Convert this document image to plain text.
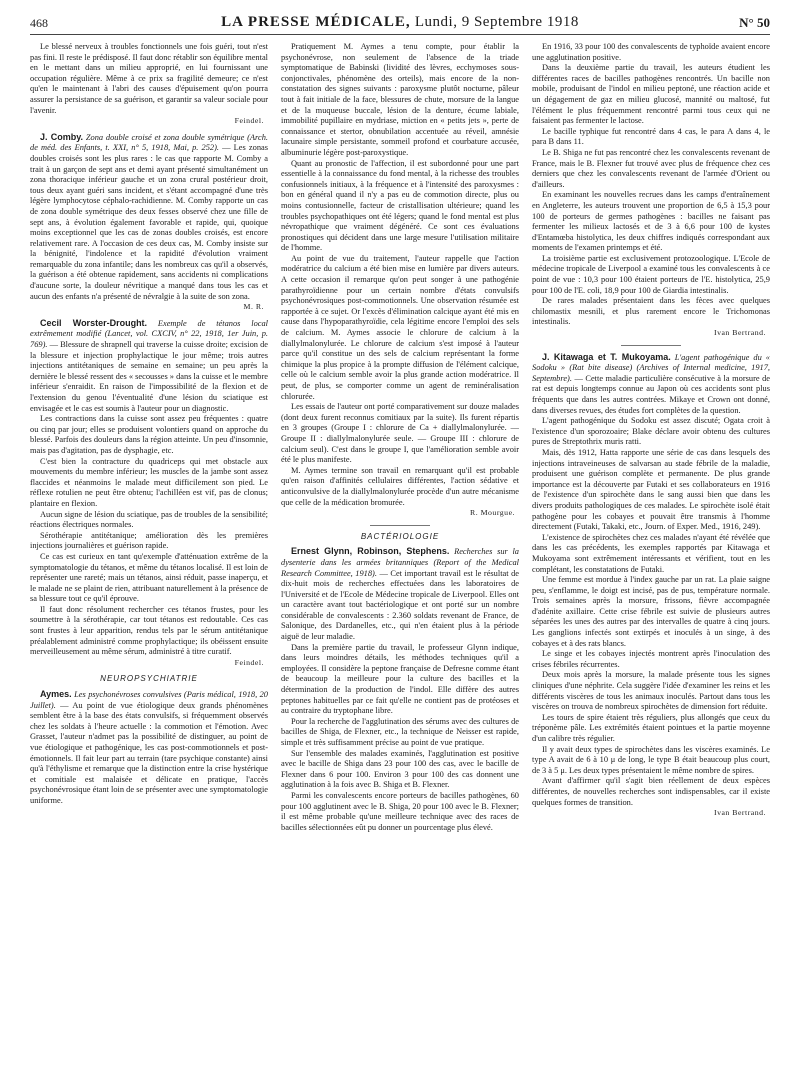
468	LA PRESSE MÉDICALE, Lundi, 9 Septembre 1918	N° 50

Le blessé nerveux à troubles fonctionnels une fois guéri, tout n'est pas fini. Il reste le prédisposé. Il faut donc rétablir son équilibre mental en le mettant dans un milieu approprié, en lui fournissant une occupation régulière. Même à ce prix sa fragilité demeure; ce n'est qu'en le maintenant à l'abri des causes d'épuisement qu'on pourra assurer la persistance de sa guérison, et garantir sa valeur sociale pour l'avenir.

Feindel.

J. Comby. Zona double croisé et zona double symétrique (Arch. de méd. des Enfants, t. XXI, n° 5, 1918, Mai, p. 252). — Les zonas doubles croisés sont les plus rares : le cas que rapporte M. Comby a trait à un garçon de sept ans et demi ayant présenté simultanément un zona thoracique inférieur gauche et un zona crural postérieur droit, tous deux ayant guéri sans incident, et s'étant accompagné d'une très légère lymphocytose céphalo-rachidienne. M. Comby rapporte un cas de zona double symétrique des deux fesses observé chez une fille de sept ans, à évolution également favorable et rapide, qui, quoique moins exceptionnel que les cas de zonas doubles croisés, est encore relativement rare. A l'occasion de ces deux cas, M. Comby insiste sur la bénignité, l'indolence et la rapidité d'évolution vraiment remarquable du zona infantile; dans les nombreux cas qu'il a observés, la guérison a été obtenue rapidement, sans accidents ni complications d'aucune sorte, la douleur névritique a manqué dans tous les cas et aucun des enfants n'a présenté de névralgie à la suite de son zona.

M. R.

Cecil Worster-Drought. Exemple de tétanos local extrêmement modifié (Lancet, vol. CXCIV, n° 22, 1918, 1er Juin, p. 769). — Blessure de shrapnell qui traverse la cuisse droite; excision de la blessure et injection prophylactique le jour même; trois autres injections antitétaniques de semaine en semaine; un peu après la dernière le blessé ressent des « secousses » dans la cuisse et le membre inférieur s'enraidit. En raison de l'impossibilité de la flexion et de l'extension du genou l'éventualité d'une lésion du sciatique est envisagée et le cas est soumis à l'auteur pour un diagnostic.

Les contractions dans la cuisse sont assez peu fréquentes : quatre ou cinq par jour; elles se produisent volontiers quand on approche du blessé. Parfois des douleurs dans la région atteinte. Un peu d'insomnie, mais pas d'agitation, pas de dysphagie, etc.

C'est bien la contracture du quadriceps qui met obstacle aux mouvements du membre inférieur; les muscles de la jambe sont assez flaccides et néanmoins le malade meut difficilement son pied. Le réflexe rotulien ne peut être obtenu; l'achilléen est vif, pas de clonus; plantaire en flexion.

Aucun signe de lésion du sciatique, pas de troubles de la sensibilité; réactions électriques normales.

Sérothérapie antitétanique; amélioration dès les premières injections journalières et guérison rapide.

Ce cas est curieux en tant qu'exemple d'atténuation extrême de la symptomatologie du tétanos, et même du tétanos localisé. Il est loin de représenter une rareté; mais un tétanos, ainsi réduit, passe inaperçu, et le malade ne se plaint de rien, attribuant naturellement à la présence de sa blessure tout ce qu'il éprouve.

Il faut donc résolument rechercher ces tétanos frustes, pour les soumettre à la sérothérapie, car tout tétanos est redoutable. Ces cas sont frustes à leur apparition, rendus tels par le sérum antitétanique préalablement administré comme prophylactique; ils obéissent ensuite merveilleusement au même sérum, administré à titre curatif.

Feindel.
NEUROPSYCHIATRIE

Aymes. Les psychonévroses convulsives (Paris médical, 1918, 20 Juillet). — Au point de vue étiologique deux grands phénomènes semblent être à la base des états convulsifs, si fréquemment observés chez les soldats à l'heure actuelle : la commotion et l'émotion. Avec Grasset, l'auteur n'admet pas la possibilité de distinguer, au point de vue étiologique et pathogénique, les cas post-commotionnels et post-émotionnels. Il fait leur part au terrain (tare psychique constante) ainsi qu'à l'éthylisme et remarque que la distinction entre la crise hystérique et comitiale est malaisée et délicate en pratique, l'accès psychonévrosique étant loin de se présenter avec une symptomatologie uniforme.

Pratiquement M. Aymes a tenu compte, pour établir la psychonévrose, non seulement de l'absence de la triade symptomatique de Babinski (lividité des lèvres, ecchymoses sous-conjonctivales, phénomène des orteils), mais encore de la non-constatation des signes suivants : paroxysme plutôt nocturne, pâleur tout à fait initiale de la face, blessures de chute, morsure de la langue et de la muqueuse buccale, lésion de la denture, écume labiale, immobilité pupillaire en mydriase, miction en « petits jets », perte de connaissance et stertor, obnubilation accentuée au réveil, amnésie lacunaire simple persistante, sommeil profond et courbature accusée, albuminurie légère post-paroxystique.

Quant au pronostic de l'affection, il est subordonné pour une part essentielle à la connaissance du fond mental, à la richesse des troubles confusionnels initiaux, à la fréquence et à l'intensité des paroxysmes : bon en général quand il n'y a pas eu de commotion directe, plus ou moins contusionnelle, facteur de cristallisation ultérieure; quand les troubles psychopathiques ont été légers; quand le fond mental est plus névropathique que vraiment dégénéré. Ce sont ces évaluations pronostiques qui décident dans une large mesure l'utilisation militaire de l'homme.

Au point de vue du traitement, l'auteur rappelle que l'action modératrice du calcium a été bien mise en lumière par divers auteurs. A cette occasion il remarque qu'on peut songer à une pathogénie parathyroïdienne pour un certain nombre d'états convulsifs psychonévrosiques post-commotionnels. Une observation résumée est rapportée à ce sujet. Or l'excès d'élimination calcique ayant été mis en cause dans l'hypoparathyroïdie, cela légitime encore l'emploi des sels de calcium. M. Aymes associe le chlorure de calcium à la diallylmalonylurée. Le chlorure de calcium s'est imposé à l'auteur parce qu'il constitue un des sels de calcium représentant la forme chimique la plus propice à la prompte diffusion de l'élément calcique, celle où le calcium semble avoir la plus grande action modératrice. Il peut, de plus, se comporter comme un agent de reminéralisation chlorurée.

Les essais de l'auteur ont porté comparativement sur douze malades (dont deux furent reconnus comitiaux par la suite). Ils furent répartis en 3 groupes (Groupe I : chlorure de Ca + diallylmalonylurée. — Groupe II : diallylmalonylurée seule. — Groupe III : chlorure de calcium seul). C'est dans le groupe I, que l'amélioration semble avoir été le plus manifeste.

M. Aymes termine son travail en remarquant qu'il est probable qu'en raison d'affinités cellulaires différentes, l'action sédative et anticonvulsive de la diallylmalonylurée procède d'un autre mécanisme que celle de la médication bromurée.

R. Mourgue.
BACTÉRIOLOGIE

Ernest Glynn, Robinson, Stephens. Recherches sur la dysenterie dans les armées britanniques (Report of the Medical Research Committee, 1918). — Cet important travail est le résultat de dix-huit mois de recherches effectuées dans les laboratoires de l'Université et de l'Ecole de Médecine tropicale de Liverpool. Elles ont un caractère avant tout bactériologique et ont porté sur un nombre considérable de convalescents : 2.360 soldats revenant de France, de Salonique, des Dardanelles, etc., qui n'en étaient plus à la période aiguë de leur maladie.

Dans la première partie du travail, le professeur Glynn indique, dans leurs moindres détails, les méthodes techniques qu'il a employées. Il considère la peptone française de Defresne comme étant de beaucoup la meilleure pour la culture des bacilles et la détermination de la production de l'indol. Elle diffère des autres peptones habituelles par ce fait qu'elle ne contient pas de protéoses et au contraire du tryptophane libre.

Pour la recherche de l'agglutination des sérums avec des cultures de bacilles de Shiga, de Flexner, etc., la technique de Neisser est rapide, simple et très suffisamment précise au point de vue pratique.

Sur l'ensemble des malades examinés, l'agglutination est positive avec le bacille de Shiga dans 23 pour 100 des cas, avec le bacille de Flexner dans 6 pour 100. Environ 3 pour 100 des cas donnent une agglutination à la fois avec B. Shiga et B. Flexner.

Parmi les convalescents encore porteurs de bacilles pathogènes, 60 pour 100 agglutinent avec le B. Shiga, 20 pour 100 avec le B. Flexner; il est même probable qu'une meilleure technique avec des races de bacilles sélectionnées eût pu donner un pourcentage plus élevé.

En 1916, 33 pour 100 des convalescents de typhoïde avaient encore une agglutination positive.

Dans la deuxième partie du travail, les auteurs étudient les différentes races de bacilles pathogènes rencontrés. Un bacille non mobile, produisant de l'indol en milieu peptoné, une réaction acide et un dégagement de gaz en milieu glucosé, mannité ou maltosé, fut l'élément le plus fréquemment rencontré parmi tous ceux qui ne faisaient pas fermenter le lactose.

Le bacille typhique fut rencontré dans 4 cas, le para A dans 4, le para B dans 11.

Le B. Shiga ne fut pas rencontré chez les convalescents revenant de France, mais le B. Flexner fut trouvé avec plus de fréquence chez ces derniers que chez les convalescents revenant de l'armée d'Orient ou d'ailleurs.

En examinant les nouvelles recrues dans les camps d'entraînement en Angleterre, les auteurs trouvent une proportion de 6,5 à 15,3 pour 100 de porteurs de germes pathogènes : bacilles ne faisant pas fermenter les milieux lactosés et de 3 à 6,6 pour 100 de kystes d'Entamœba histolytica, les deux chiffres indiqués correspondant aux moments de l'examen printemps et été.

La troisième partie est exclusivement protozoologique. L'Ecole de médecine tropicale de Liverpool a examiné tous les convalescents à ce point de vue : 10,3 pour 100 étaient porteurs de l'E. histolytica, 25,9 pour 100 de l'E. coli, 18,9 pour 100 de Giardia intestinalis.

De rares malades présentaient dans les fèces avec quelques chilomastix mesnili, et plus rarement encore le Trichomonas intestinalis.

Ivan Bertrand.

J. Kitawaga et T. Mukoyama. L'agent pathogénique du « Sodoku » (Rat bite disease) (Archives of Internal medicine, 1917, Septembre). — Cette maladie particulière consécutive à la morsure de rat est depuis longtemps connue au Japon où ces accidents sont plus fréquents que dans les autres contrées. Mikaye et Crown ont donné, dans diverses revues, des études fort complètes de la question.

L'agent pathogénique du Sodoku est assez discuté; Ogata croit à l'existence d'un sporozoaire; Blake déclare avoir obtenu des cultures pures de Streptothrix muris ratti.

Mais, dès 1912, Hatta rapporte une série de cas dans lesquels des injections intraveineuses de salvarsan au stade fébrile de la maladie, produisent une guérison complète et permanente. De plus grande importance est la découverte par Futaki et ses collaborateurs en 1916 de l'existence d'un spirochète dans le sang aussi bien que dans les divers produits pathologiques de ces malades. Le spirochète isolé était pathogène pour les cobayes et pouvait être transmis à l'homme directement (Futaki, Takaki, etc., Journ. of Exper. Med., 1916, 249).

L'existence de spirochètes chez ces malades n'ayant été révélée que dans les cas précédents, les exemples rapportés par Kitawaga et Mukoyama sont extrêmement intéressants et vérifient, tout en les complétant, les constatations de Futaki.

Une femme est mordue à l'index gauche par un rat. La plaie saigne peu, s'enflamme, le doigt est incisé, pas de pus, température normale. Trois semaines après la morsure, frissons, fièvre accompagnée d'adénite axillaire. Cette crise fébrile est suivie de plusieurs autres séparées les unes des autres par des intervalles de quatre à cinq jours. Les ganglions infectés sont extirpés et inoculés à un singe, à des cobayes et à des rats blancs.

Le singe et les cobayes injectés montrent après l'inoculation des crises fébriles récurrentes.

Deux mois après la morsure, la malade présente tous les signes cliniques d'une néphrite. Cela suggère l'idée d'examiner les reins et les différents viscères de tous les animaux inoculés. Partout dans tous les viscères on trouva de nombreux spirochètes de dimension fort réduite.

Les tours de spire étaient très réguliers, plus allongés que ceux du tréponème pâle. Les extrémités étaient pointues et la partie moyenne d'un calibre très régulier.

Il y avait deux types de spirochètes dans les viscères examinés. Le type A avait de 6 à 10 μ de long, le type B était beaucoup plus court, de 3 à 5 μ. Les deux types présentaient le même nombre de spires.

Avant d'affirmer qu'il s'agit bien réellement de deux espèces différentes, de nouvelles recherches sont indispensables, car il existe quelques formes de transition.

Ivan Bertrand.
